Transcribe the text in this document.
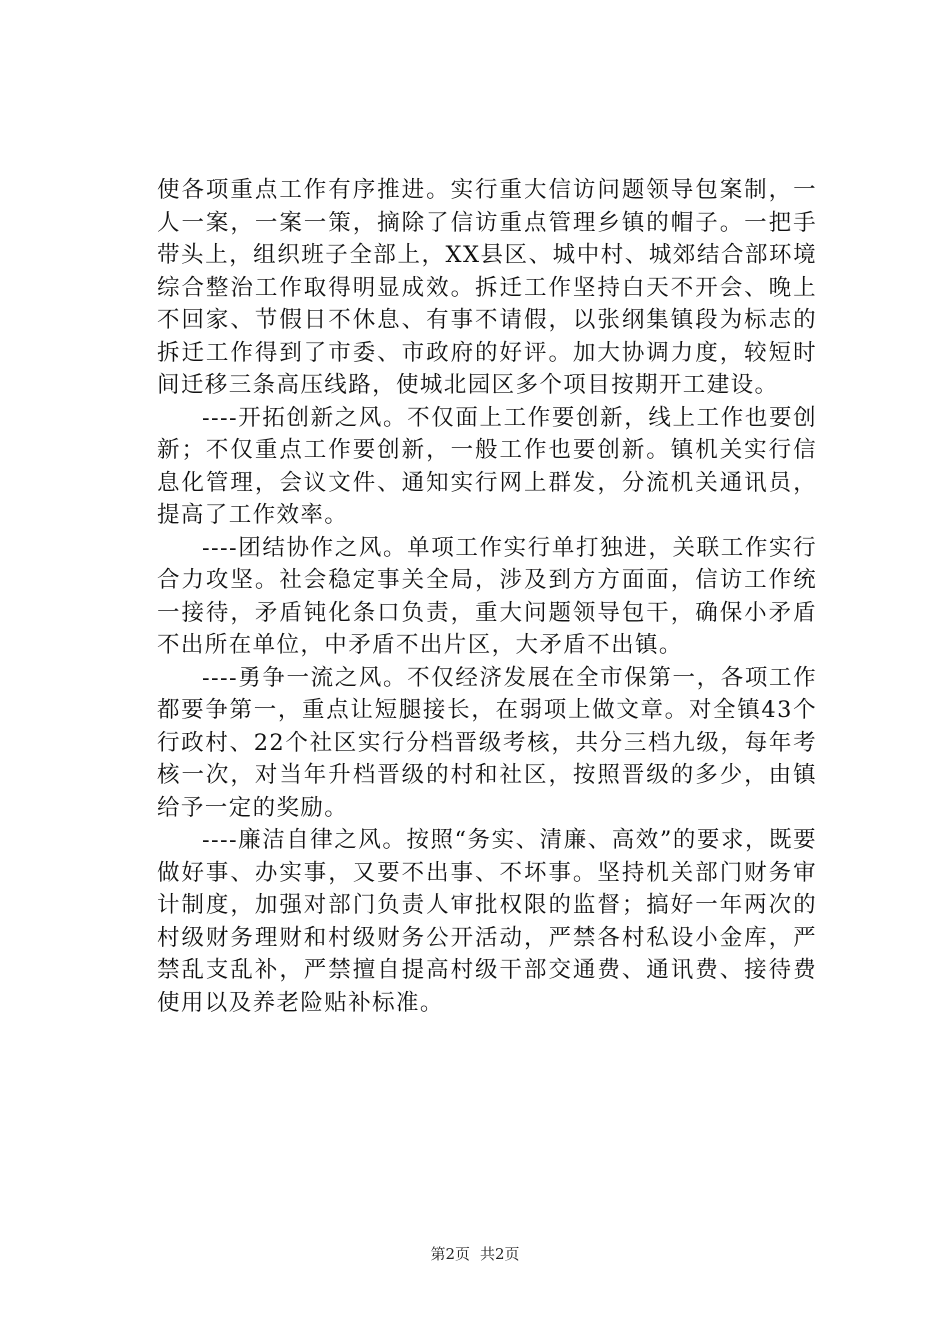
使各项重点工作有序推进。实行重大信访问题领导包案制，一人一案，一案一策，摘除了信访重点管理乡镇的帽子。一把手带头上，组织班子全部上，XX县区、城中村、城郊结合部环境综合整治工作取得明显成效。拆迁工作坚持白天不开会、晚上不回家、节假日不休息、有事不请假，以张纲集镇段为标志的拆迁工作得到了市委、市政府的好评。加大协调力度，较短时间迁移三条高压线路，使城北园区多个项目按期开工建设。

----开拓创新之风。不仅面上工作要创新，线上工作也要创新；不仅重点工作要创新，一般工作也要创新。镇机关实行信息化管理，会议文件、通知实行网上群发，分流机关通讯员，提高了工作效率。

----团结协作之风。单项工作实行单打独进，关联工作实行合力攻坚。社会稳定事关全局，涉及到方方面面，信访工作统一接待，矛盾钝化条口负责，重大问题领导包干，确保小矛盾不出所在单位，中矛盾不出片区，大矛盾不出镇。

----勇争一流之风。不仅经济发展在全市保第一，各项工作都要争第一，重点让短腿接长，在弱项上做文章。对全镇43个行政村、22个社区实行分档晋级考核，共分三档九级，每年考核一次，对当年升档晋级的村和社区，按照晋级的多少，由镇给予一定的奖励。

----廉洁自律之风。按照“务实、清廉、高效”的要求，既要做好事、办实事，又要不出事、不坏事。坚持机关部门财务审计制度，加强对部门负责人审批权限的监督；搞好一年两次的村级财务理财和村级财务公开活动，严禁各村私设小金库，严禁乱支乱补，严禁擅自提高村级干部交通费、通讯费、接待费使用以及养老险贴补标准。

第2页 共2页
